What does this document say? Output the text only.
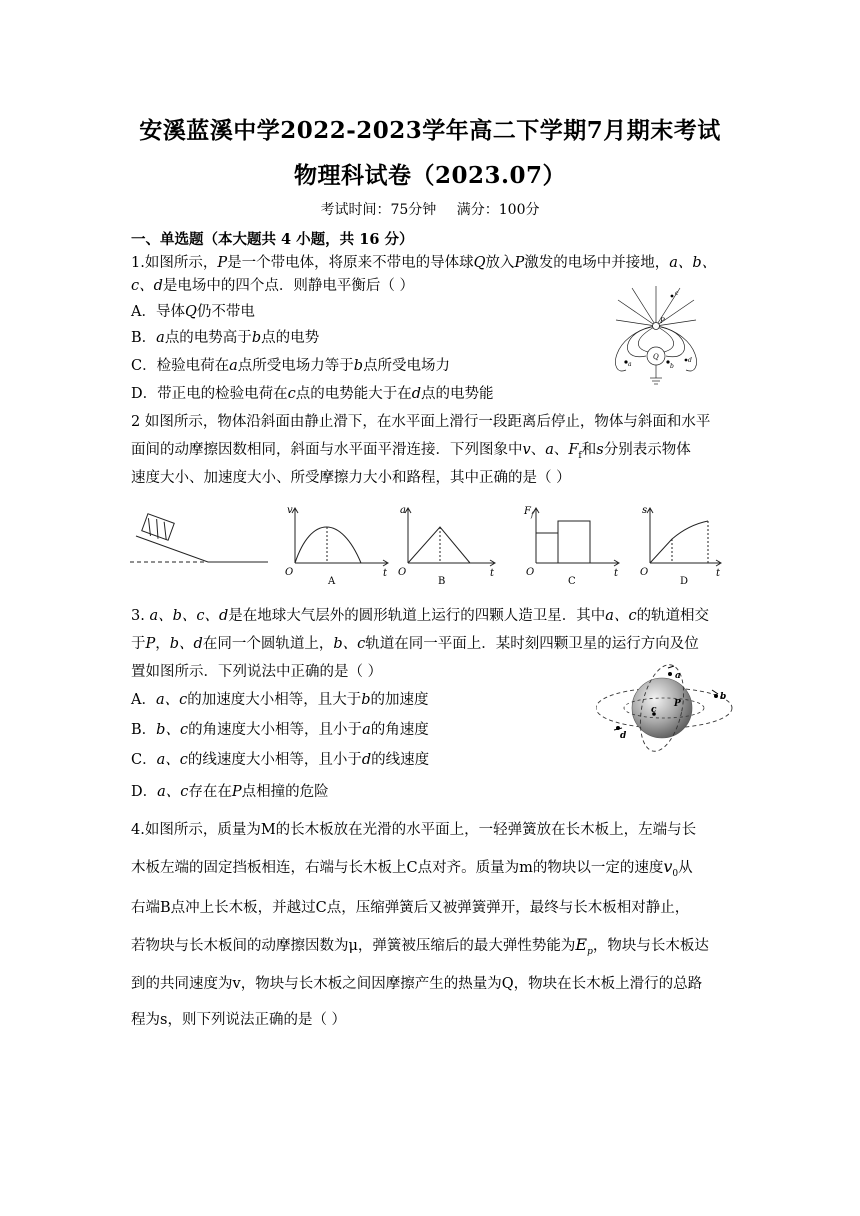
安溪蓝溪中学2022-2023学年高二下学期7月期末考试
物理科试卷（2023.07）
考试时间：75分钟 满分：100分
一、单选题（本大题共 4 小题，共 16 分）
1.如图所示，P是一个带电体，将原来不带电的导体球Q放入P激发的电场中并接地，a、b、
c、d是电场中的四个点．则静电平衡后（ ）
A．导体Q仍不带电
B．a点的电势高于b点的电势
C．检验电荷在a点所受电场力等于b点所受电场力
D．带正电的检验电荷在c点的电势能大于在d点的电势能
P
Q
c
d
a	b
2 如图所示，物体沿斜面由静止滑下，在水平面上滑行一段距离后停止，物体与斜面和水平
面间的动摩擦因数相同，斜面与水平面平滑连接．下列图象中v、a、$F_f$和s分别表示物体
速度大小、加速度大小、所受摩擦力大小和路程，其中正确的是（ ）
v
O	t
A
a
O	t
B
F f
O	t
C
s
O	t
D
3. a、b、c、d是在地球大气层外的圆形轨道上运行的四颗人造卫星．其中a、c的轨道相交
于P，b、d在同一个圆轨道上，b、c轨道在同一平面上．某时刻四颗卫星的运行方向及位
置如图所示．下列说法中正确的是（ ）
A．a、c的加速度大小相等，且大于b的加速度
B．b、c的角速度大小相等，且小于a的角速度
C．a、c的线速度大小相等，且小于d的线速度
D．a、c存在在P点相撞的危险
a
b
c
d
P
4.如图所示，质量为M的长木板放在光滑的水平面上，一轻弹簧放在长木板上，左端与长
木板左端的固定挡板相连，右端与长木板上C点对齐。质量为m的物块以一定的速度$v_0$从
右端B点冲上长木板，并越过C点，压缩弹簧后又被弹簧弹开，最终与长木板相对静止，
若物块与长木板间的动摩擦因数为μ，弹簧被压缩后的最大弹性势能为$E_p$，物块与长木板达
到的共同速度为v，物块与长木板之间因摩擦产生的热量为Q，物块在长木板上滑行的总路
程为s，则下列说法正确的是（ ）
